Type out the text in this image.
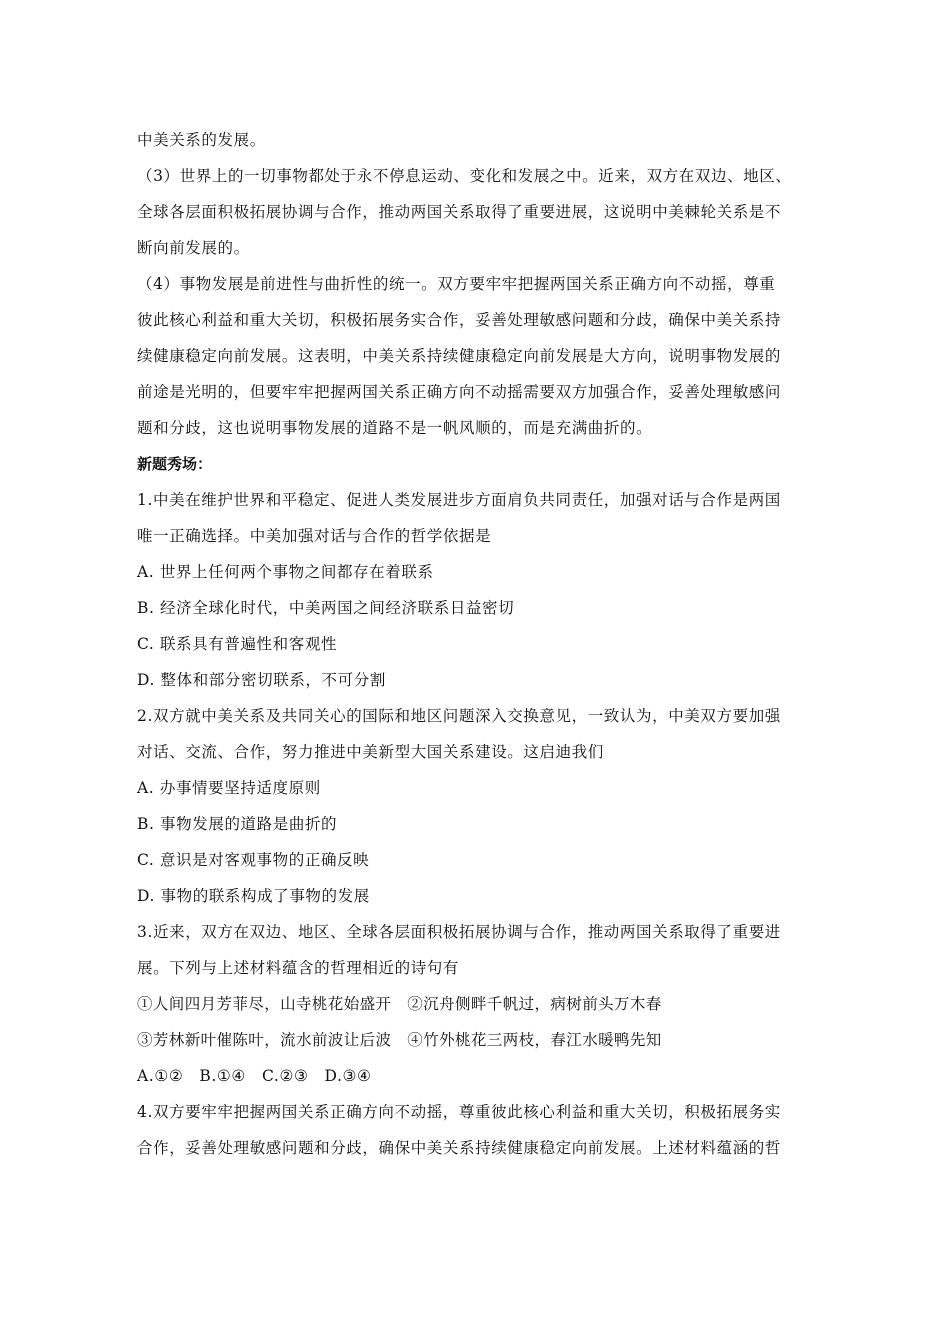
中美关系的发展。
（3）世界上的一切事物都处于永不停息运动、变化和发展之中。近来，双方在双边、地区、
全球各层面积极拓展协调与合作，推动两国关系取得了重要进展，这说明中美棘轮关系是不
断向前发展的。
（4）事物发展是前进性与曲折性的统一。双方要牢牢把握两国关系正确方向不动摇，尊重
彼此核心利益和重大关切，积极拓展务实合作，妥善处理敏感问题和分歧，确保中美关系持
续健康稳定向前发展。这表明，中美关系持续健康稳定向前发展是大方向，说明事物发展的
前途是光明的，但要牢牢把握两国关系正确方向不动摇需要双方加强合作，妥善处理敏感问
题和分歧，这也说明事物发展的道路不是一帆风顺的，而是充满曲折的。
新题秀场：
1.中美在维护世界和平稳定、促进人类发展进步方面肩负共同责任，加强对话与合作是两国
唯一正确选择。中美加强对话与合作的哲学依据是
A. 世界上任何两个事物之间都存在着联系
B. 经济全球化时代，中美两国之间经济联系日益密切
C. 联系具有普遍性和客观性
D. 整体和部分密切联系，不可分割
2.双方就中美关系及共同关心的国际和地区问题深入交换意见，一致认为，中美双方要加强
对话、交流、合作，努力推进中美新型大国关系建设。这启迪我们
A. 办事情要坚持适度原则
B. 事物发展的道路是曲折的
C. 意识是对客观事物的正确反映
D. 事物的联系构成了事物的发展
3.近来，双方在双边、地区、全球各层面积极拓展协调与合作，推动两国关系取得了重要进
展。下列与上述材料蕴含的哲理相近的诗句有
①人间四月芳菲尽，山寺桃花始盛开　②沉舟侧畔千帆过，病树前头万木春
③芳林新叶催陈叶，流水前波让后波　④竹外桃花三两枝，春江水暖鸭先知
A.①②　B.①④　C.②③　D.③④
4.双方要牢牢把握两国关系正确方向不动摇，尊重彼此核心利益和重大关切，积极拓展务实
合作，妥善处理敏感问题和分歧，确保中美关系持续健康稳定向前发展。上述材料蕴涵的哲
